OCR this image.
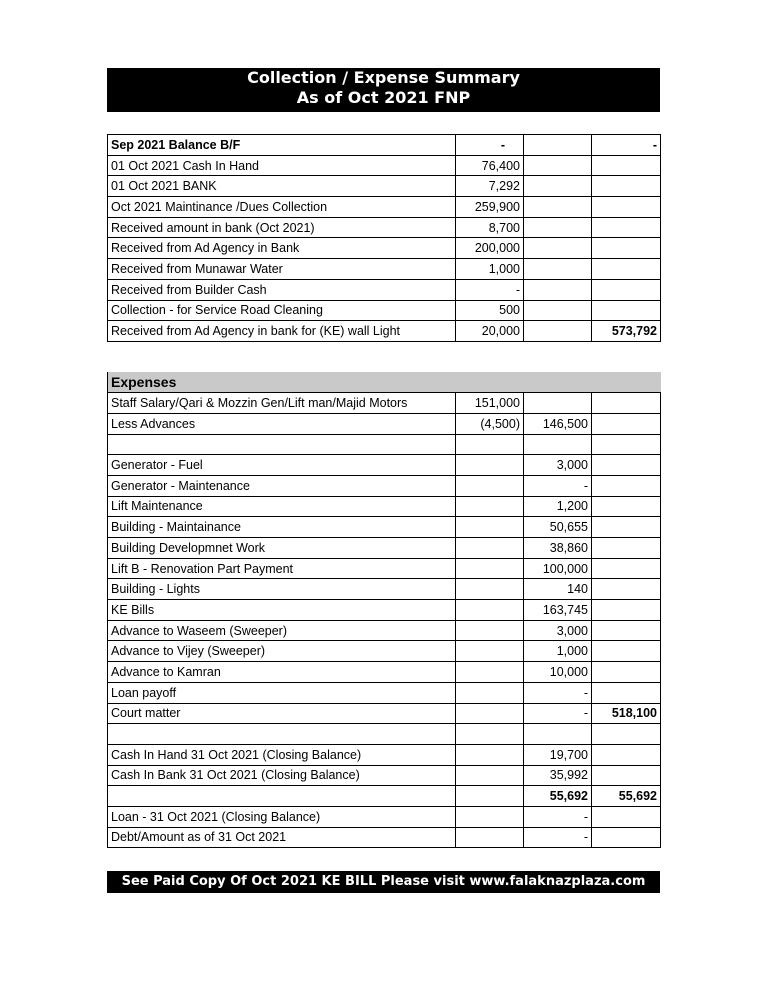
Collection / Expense Summary
As of Oct 2021 FNP
Sep 2021 Balance B/F	-		-
01 Oct 2021 Cash In Hand	76,400		
01 Oct 2021 BANK	7,292		
Oct 2021 Maintinance /Dues Collection	259,900		
Received amount in bank (Oct 2021)	8,700		
Received from Ad Agency in Bank	200,000		
Received from Munawar Water	1,000		
Received from Builder Cash	-		
Collection - for Service Road Cleaning	500		
Received from Ad Agency in bank for (KE) wall Light	20,000		573,792
Expenses			
Staff Salary/Qari & Mozzin Gen/Lift man/Majid Motors	151,000		
Less Advances	(4,500)	146,500	

Generator - Fuel		3,000	
Generator - Maintenance		-	
Lift Maintenance		1,200	
Building - Maintainance		50,655	
Building Developmnet Work		38,860	
Lift B - Renovation Part Payment		100,000	
Building - Lights		140	
KE Bills		163,745	
Advance to Waseem (Sweeper)		3,000	
Advance to Vijey (Sweeper)		1,000	
Advance to Kamran		10,000	
Loan payoff		-	
Court matter		-	518,100

Cash In Hand 31 Oct 2021 (Closing Balance)		19,700	
Cash In Bank 31 Oct 2021 (Closing Balance)		35,992	
		55,692	55,692
Loan - 31 Oct 2021 (Closing Balance)		-	
Debt/Amount as of 31 Oct 2021		-	
See Paid Copy Of Oct 2021 KE BILL Please visit www.falaknazplaza.com
